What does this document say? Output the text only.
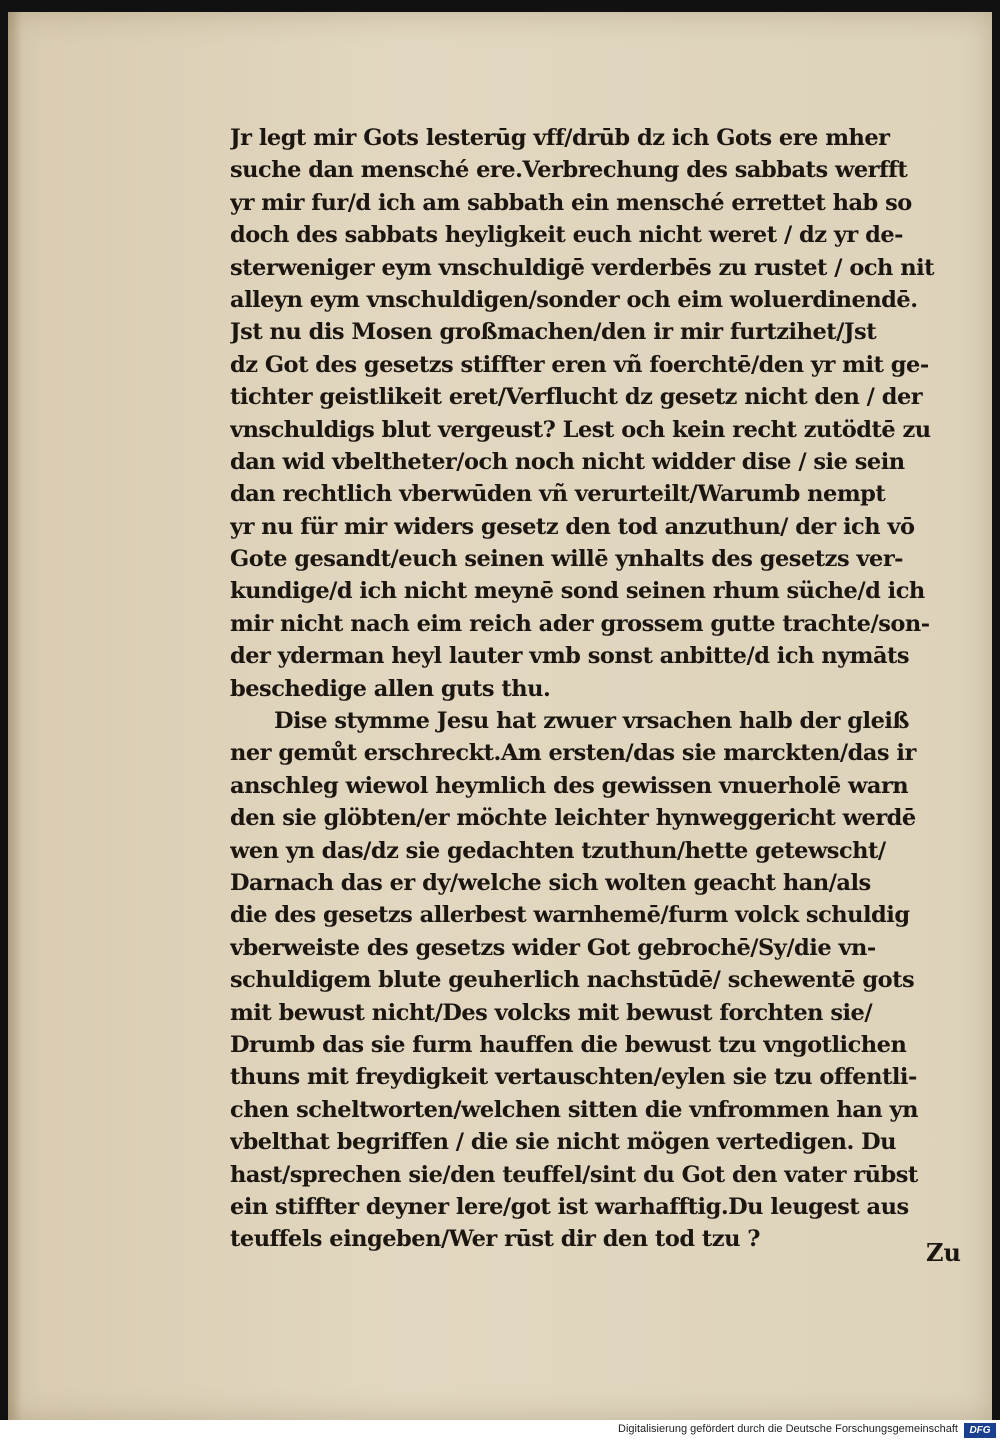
Jr legt mir Gots lesterūg vff/drūb dz ich Gots ere mher
suche dan mensché ere.Verbrechung des sabbats werfft
yr mir fur/d ich am sabbath ein mensché errettet hab so
doch des sabbats heyligkeit euch nicht weret / dz yr de-
sterweniger eym vnschuldigē verderbēs zu rustet / och nit
alleyn eym vnschuldigen/sonder och eim woluerdinendē.
Jst nu dis Mosen großmachen/den ir mir furtzihet/Jst
dz Got des gesetzs stiffter eren vñ foerchtē/den yr mit ge-
tichter geistlikeit eret/Verflucht dz gesetz nicht den / der
vnschuldigs blut vergeust? Lest och kein recht zutödtē zu
dan wid vbeltheter/och noch nicht widder dise / sie sein
dan rechtlich vberwūden vñ verurteilt/Warumb nempt
yr nu für mir widers gesetz den tod anzuthun/ der ich vō
Gote gesandt/euch seinen willē ynhalts des gesetzs ver-
kundige/d ich nicht meynē sond seinen rhum süche/d ich
mir nicht nach eim reich ader grossem gutte trachte/son-
der yderman heyl lauter vmb sonst anbitte/d ich nymāts
beschedige allen guts thu.
Dise stymme Jesu hat zwuer vrsachen halb der gleiß
ner gemůt erschreckt.Am ersten/das sie marckten/das ir
anschleg wiewol heymlich des gewissen vnuerholē warn
den sie glöbten/er möchte leichter hynweggericht werdē
wen yn das/dz sie gedachten tzuthun/hette getewscht/
Darnach das er dy/welche sich wolten geacht han/als
die des gesetzs allerbest warnhemē/furm volck schuldig
vberweiste des gesetzs wider Got gebrochē/Sy/die vn-
schuldigem blute geuherlich nachstūdē/ schewentē gots
mit bewust nicht/Des volcks mit bewust forchten sie/
Drumb das sie furm hauffen die bewust tzu vngotlichen
thuns mit freydigkeit vertauschten/eylen sie tzu offentli-
chen scheltworten/welchen sitten die vnfrommen han yn
vbelthat begriffen / die sie nicht mögen vertedigen. Du
hast/sprechen sie/den teuffel/sint du Got den vater rūbst
ein stiffter deyner lere/got ist warhafftig.Du leugest aus
teuffels eingeben/Wer rūst dir den tod tzu ?	Zu
Digitalisierung gefördert durch die Deutsche Forschungsgemeinschaft	DFG
